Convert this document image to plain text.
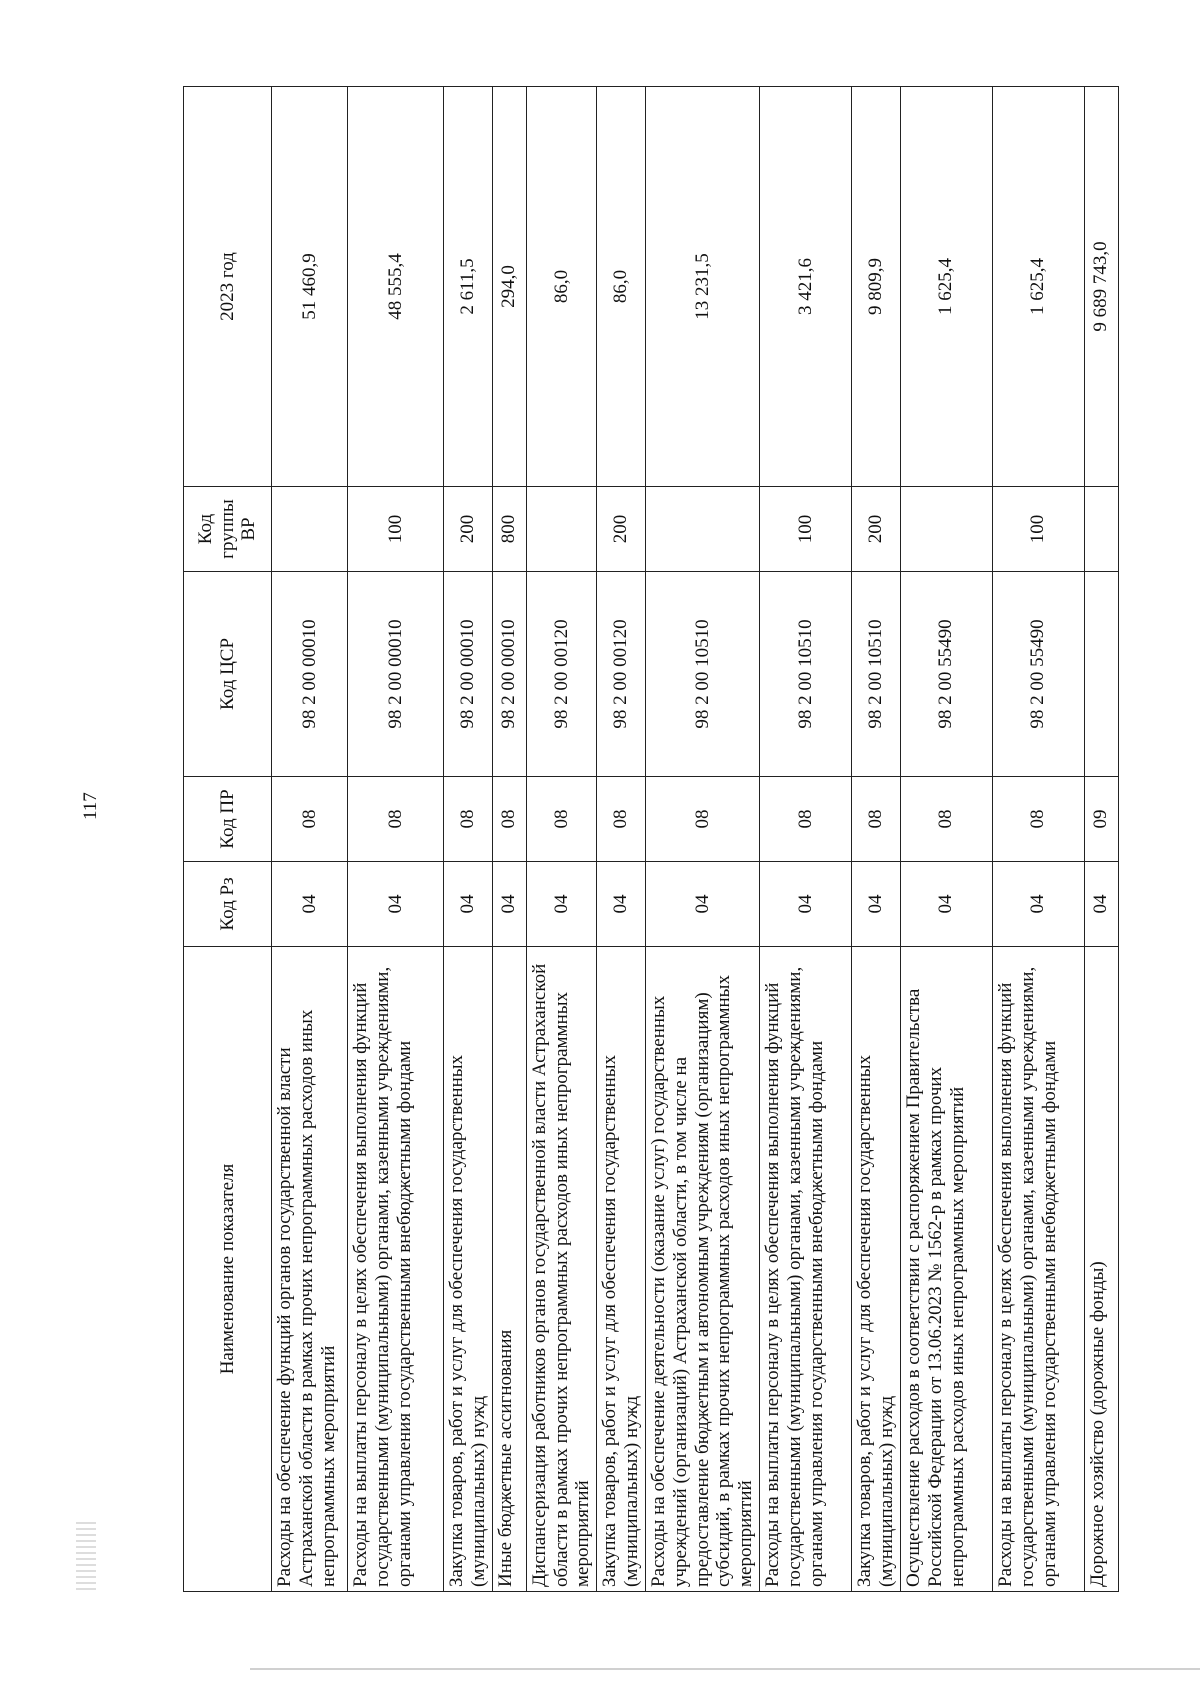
117
Наименование показателя	Код Рз	Код ПР	Код ЦСР	Код группы ВР	2023 год
Расходы на обеспечение функций органов государственной власти Астраханской области в рамках прочих непрограммных расходов иных непрограммных мероприятий	04	08	98 2 00 00010		51 460,9
Расходы на выплаты персоналу в целях обеспечения выполнения функций государственными (муниципальными) органами, казенными учреждениями, органами управления государственными внебюджетными фондами	04	08	98 2 00 00010	100	48 555,4
Закупка товаров, работ и услуг для обеспечения государственных (муниципальных) нужд	04	08	98 2 00 00010	200	2 611,5
Иные бюджетные ассигнования	04	08	98 2 00 00010	800	294,0
Диспансеризация работников органов государственной власти Астраханской области в рамках прочих непрограммных расходов иных непрограммных мероприятий	04	08	98 2 00 00120		86,0
Закупка товаров, работ и услуг для обеспечения государственных (муниципальных) нужд	04	08	98 2 00 00120	200	86,0
Расходы на обеспечение деятельности (оказание услуг) государственных учреждений (организаций) Астраханской области, в том числе на предоставление бюджетным и автономным учреждениям (организациям) субсидий, в рамках прочих непрограммных расходов иных непрограммных мероприятий	04	08	98 2 00 10510		13 231,5
Расходы на выплаты персоналу в целях обеспечения выполнения функций государственными (муниципальными) органами, казенными учреждениями, органами управления государственными внебюджетными фондами	04	08	98 2 00 10510	100	3 421,6
Закупка товаров, работ и услуг для обеспечения государственных (муниципальных) нужд	04	08	98 2 00 10510	200	9 809,9
Осуществление расходов в соответствии с распоряжением Правительства Российской Федерации от 13.06.2023 № 1562-р в рамках прочих непрограммных расходов иных непрограммных мероприятий	04	08	98 2 00 55490		1 625,4
Расходы на выплаты персоналу в целях обеспечения выполнения функций государственными (муниципальными) органами, казенными учреждениями, органами управления государственными внебюджетными фондами	04	08	98 2 00 55490	100	1 625,4
Дорожное хозяйство (дорожные фонды)	04	09			9 689 743,0
